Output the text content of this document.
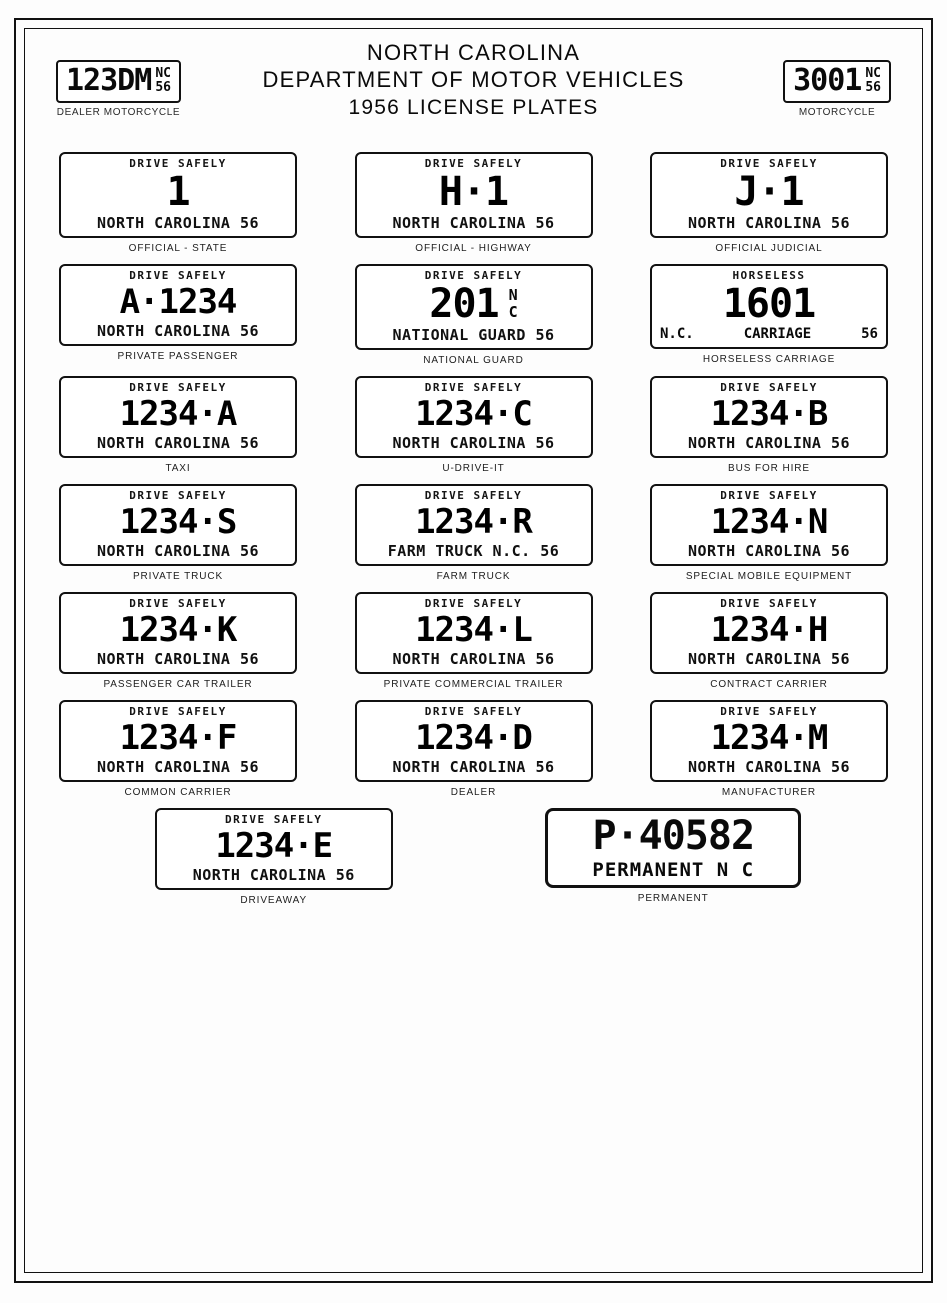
123DM NC
56
DEALER MOTORCYCLE
NORTH CAROLINA
DEPARTMENT OF MOTOR VEHICLES
1956 LICENSE PLATES
3001 NC
56
MOTORCYCLE
DRIVE SAFELY
1
NORTH CAROLINA 56
OFFICIAL - STATE
DRIVE SAFELY
H·1
NORTH CAROLINA 56
OFFICIAL - HIGHWAY
DRIVE SAFELY
J·1
NORTH CAROLINA 56
OFFICIAL JUDICIAL
DRIVE SAFELY
A·1234
NORTH CAROLINA 56
PRIVATE PASSENGER
DRIVE SAFELY
201 N
C
NATIONAL GUARD 56
NATIONAL GUARD
HORSELESS
1601
N.C.	CARRIAGE	56
HORSELESS CARRIAGE
DRIVE SAFELY
1234·A
NORTH CAROLINA 56
TAXI
DRIVE SAFELY
1234·C
NORTH CAROLINA 56
U-DRIVE-IT
DRIVE SAFELY
1234·B
NORTH CAROLINA 56
BUS FOR HIRE
DRIVE SAFELY
1234·S
NORTH CAROLINA 56
PRIVATE TRUCK
DRIVE SAFELY
1234·R
FARM TRUCK N.C. 56
FARM TRUCK
DRIVE SAFELY
1234·N
NORTH CAROLINA 56
SPECIAL MOBILE EQUIPMENT
DRIVE SAFELY
1234·K
NORTH CAROLINA 56
PASSENGER CAR TRAILER
DRIVE SAFELY
1234·L
NORTH CAROLINA 56
PRIVATE COMMERCIAL TRAILER
DRIVE SAFELY
1234·H
NORTH CAROLINA 56
CONTRACT CARRIER
DRIVE SAFELY
1234·F
NORTH CAROLINA 56
COMMON CARRIER
DRIVE SAFELY
1234·D
NORTH CAROLINA 56
DEALER
DRIVE SAFELY
1234·M
NORTH CAROLINA 56
MANUFACTURER
DRIVE SAFELY
1234·E
NORTH CAROLINA 56
DRIVEAWAY
P·40582
PERMANENT N C
PERMANENT
